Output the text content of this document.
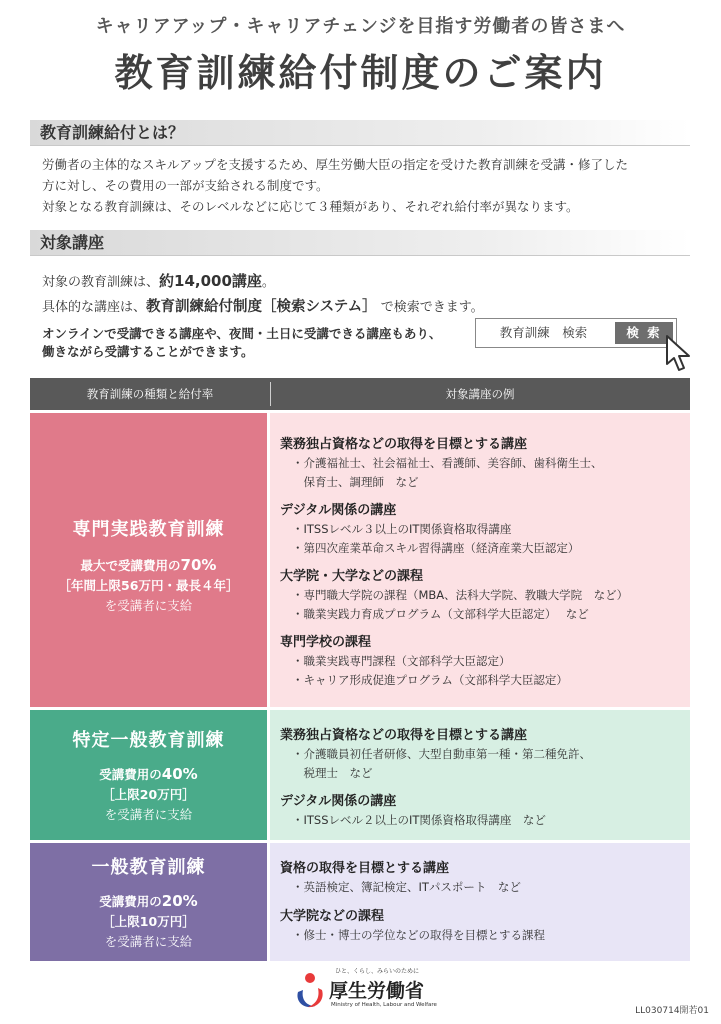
キャリアアップ・キャリアチェンジを目指す労働者の皆さまへ
教育訓練給付制度のご案内
教育訓練給付とは？

労働者の主体的なスキルアップを支援するため、厚生労働大臣の指定を受けた教育訓練を受講・修了した

方に対し、その費用の一部が支給される制度です。

対象となる教育訓練は、そのレベルなどに応じて３種類があり、それぞれ給付率が異なります。

対象講座
対象の教育訓練は、約14,000講座。
具体的な講座は、教育訓練給付制度［検索システム］ で検索できます。

オンラインで受講できる講座や、夜間・土日に受講できる講座もあり、

働きながら受講することができます。

教育訓練　検索	検 索
教育訓練の種類と給付率	対象講座の例
専門実践教育訓練
最大で受講費用の70%
［年間上限56万円・最長４年］
を受講者に支給
業務独占資格などの取得を目標とする講座
・介護福祉士、社会福祉士、看護師、美容師、歯科衛生士、
　保育士、調理師　など
デジタル関係の講座
・ITSSレベル３以上のIT関係資格取得講座
・第四次産業革命スキル習得講座（経済産業大臣認定）
大学院・大学などの課程
・専門職大学院の課程（MBA、法科大学院、教職大学院　など）
・職業実践力育成プログラム（文部科学大臣認定）　 など
専門学校の課程
・職業実践専門課程（文部科学大臣認定）
・キャリア形成促進プログラム（文部科学大臣認定）
特定一般教育訓練
受講費用の40%
［上限20万円］
を受講者に支給
業務独占資格などの取得を目標とする講座
・介護職員初任者研修、大型自動車第一種・第二種免許、
　税理士　など
デジタル関係の講座
・ITSSレベル２以上のIT関係資格取得講座　など
一般教育訓練
受講費用の20%
［上限10万円］
を受講者に支給
資格の取得を目標とする講座
・英語検定、簿記検定、ITパスポート　など
大学院などの課程
・修士・博士の学位などの取得を目標とする課程
ひと、くらし、みらいのために
厚生労働省
Ministry of Health, Labour and Welfare
LL030714開若01
